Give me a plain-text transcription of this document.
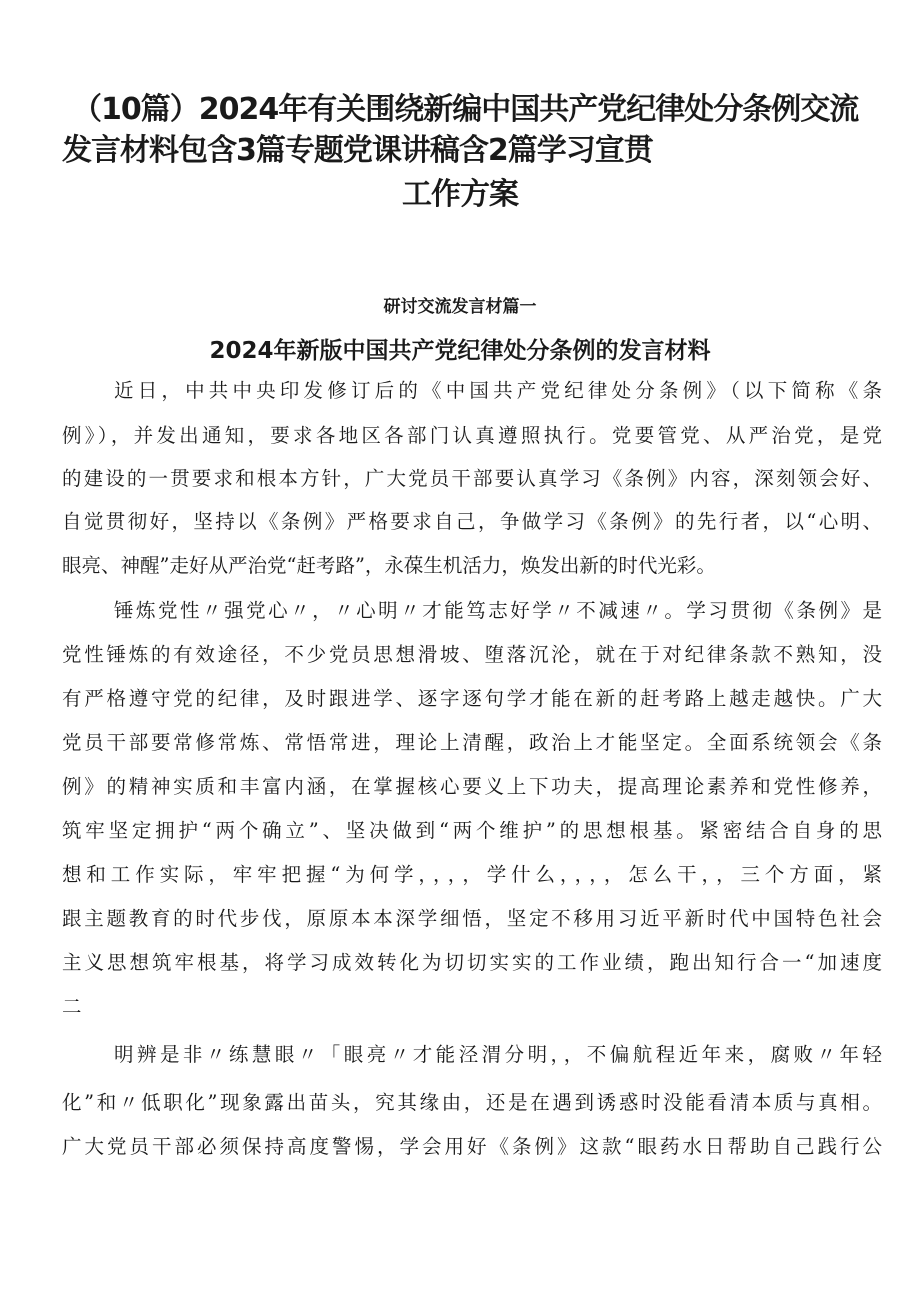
（10篇）2024年有关围绕新编中国共产党纪律处分条例交流
发言材料包含3篇专题党课讲稿含2篇学习宣贯
工作方案

研讨交流发言材篇一

2024年新版中国共产党纪律处分条例的发言材料

近日，中共中央印发修订后的《中国共产党纪律处分条例》（以下简称《条

例》），并发出通知，要求各地区各部门认真遵照执行。党要管党、从严治党，是党

的建设的一贯要求和根本方针，广大党员干部要认真学习《条例》内容，深刻领会好、

自觉贯彻好，坚持以《条例》严格要求自己，争做学习《条例》的先行者，以“心明、

眼亮、神醒”走好从严治党“赶考路”，永葆生机活力，焕发出新的时代光彩。

锤炼党性〃强党心〃，〃心明〃才能笃志好学〃不减速〃。学习贯彻《条例》是

党性锤炼的有效途径，不少党员思想滑坡、堕落沉沦，就在于对纪律条款不熟知，没

有严格遵守党的纪律，及时跟进学、逐字逐句学才能在新的赶考路上越走越快。广大

党员干部要常修常炼、常悟常进，理论上清醒，政治上才能坚定。全面系统领会《条

例》的精神实质和丰富内涵，在掌握核心要义上下功夫，提高理论素养和党性修养，

筑牢坚定拥护“两个确立”、坚决做到“两个维护”的思想根基。紧密结合自身的思

想和工作实际，牢牢把握“为何学，，，，学什么，，，，怎么干，，三个方面，紧

跟主题教育的时代步伐，原原本本深学细悟，坚定不移用习近平新时代中国特色社会

主义思想筑牢根基，将学习成效转化为切切实实的工作业绩，跑出知行合一“加速度

二

明辨是非〃练慧眼〃「眼亮〃才能泾渭分明，，不偏航程近年来，腐败〃年轻

化”和〃低职化”现象露出苗头，究其缘由，还是在遇到诱惑时没能看清本质与真相。

广大党员干部必须保持高度警惕，学会用好《条例》这款“眼药水日帮助自己践行公
